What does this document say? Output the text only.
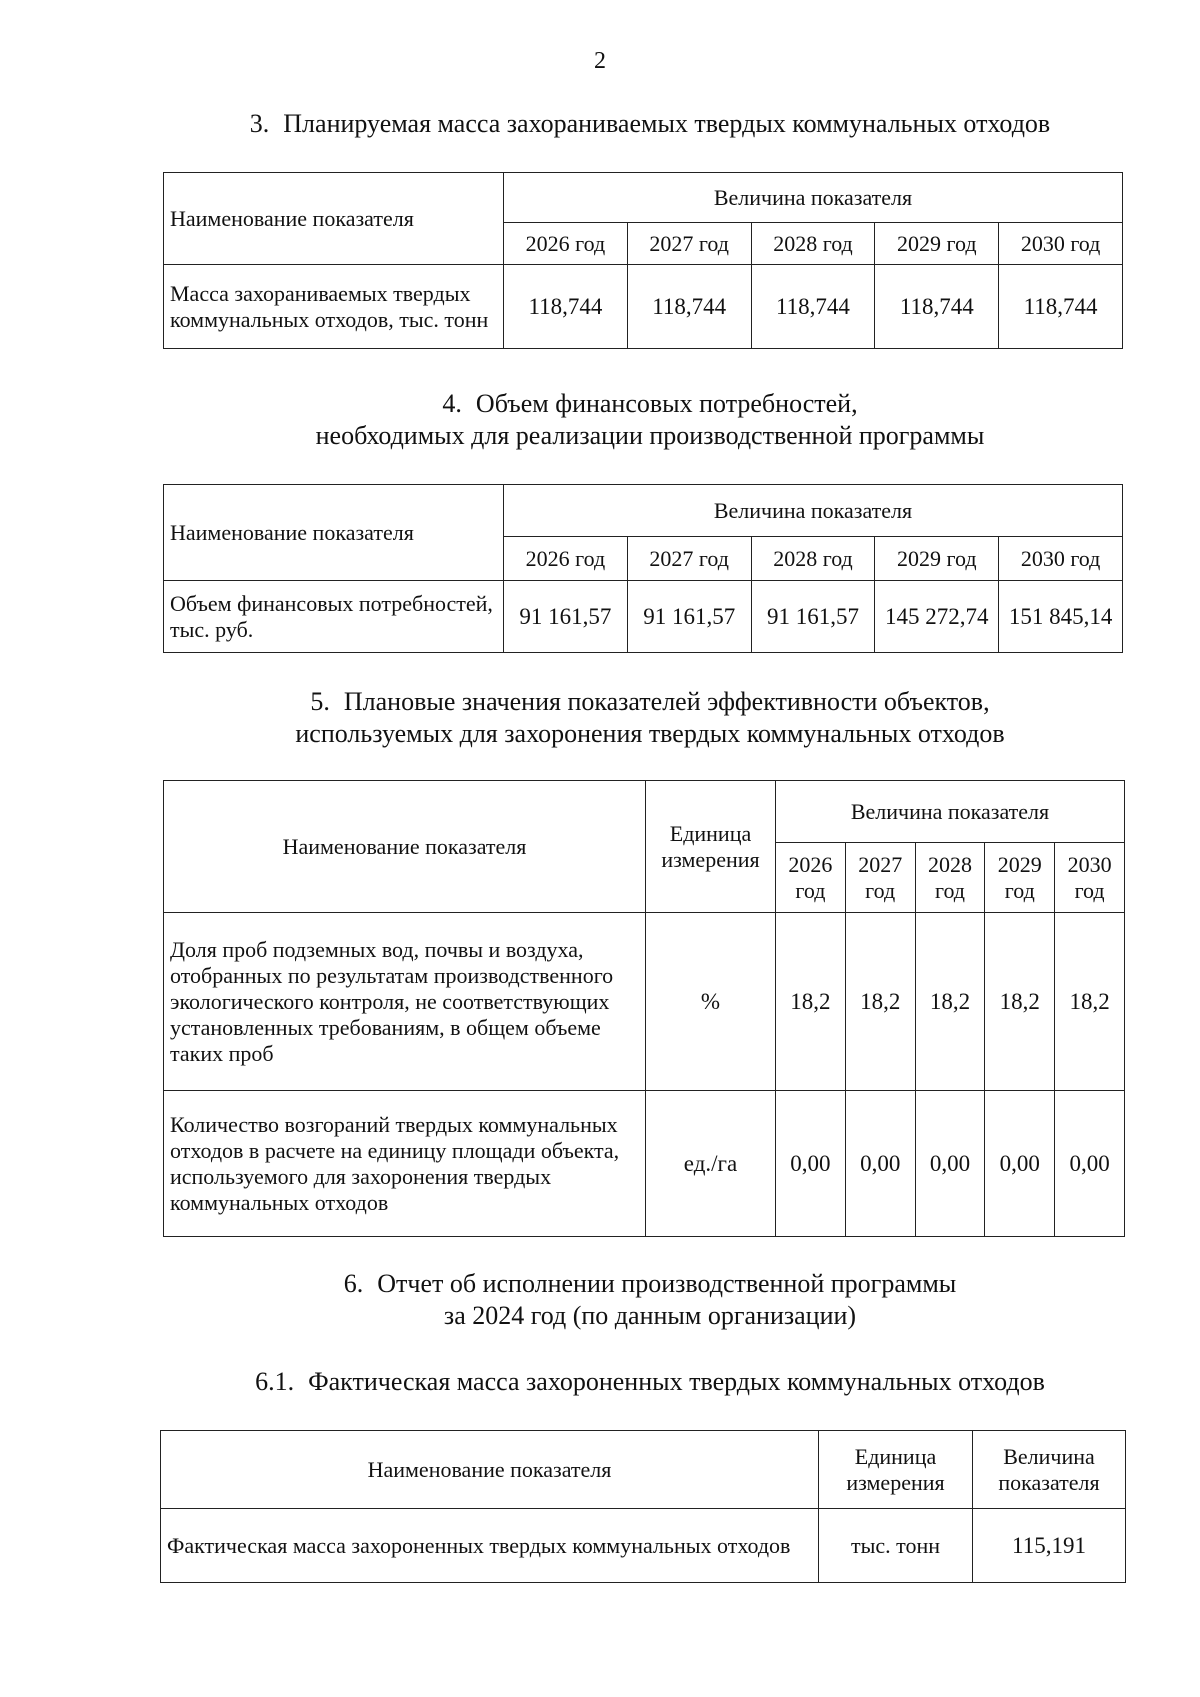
2
3. Планируемая масса захораниваемых твердых коммунальных отходов
Наименование показателя	Величина показателя				
	2026 год	2027 год	2028 год	2029 год	2030 год
Масса захораниваемых твердых коммунальных отходов, тыс. тонн	118,744	118,744	118,744	118,744	118,744
4. Объем финансовых потребностей,
необходимых для реализации производственной программы
Наименование показателя	Величина показателя				
	2026 год	2027 год	2028 год	2029 год	2030 год
Объем финансовых потребностей, тыс. руб.	91 161,57	91 161,57	91 161,57	145 272,74	151 845,14
5. Плановые значения показателей эффективности объектов,
используемых для захоронения твердых коммунальных отходов
Наименование показателя	Единица измерения	Величина показателя				
		2026 год	2027 год	2028 год	2029 год	2030 год
Доля проб подземных вод, почвы и воздуха, отобранных по результатам производственного экологического контроля, не соответствующих установленных требованиям, в общем объеме таких проб	%	18,2	18,2	18,2	18,2	18,2
Количество возгораний твердых коммунальных отходов в расчете на единицу площади объекта, используемого для захоронения твердых коммунальных отходов	ед./га	0,00	0,00	0,00	0,00	0,00
6. Отчет об исполнении производственной программы
за 2024 год (по данным организации)
6.1. Фактическая масса захороненных твердых коммунальных отходов
Наименование показателя	Единица измерения	Величина показателя
Фактическая масса захороненных твердых коммунальных отходов	тыс. тонн	115,191
